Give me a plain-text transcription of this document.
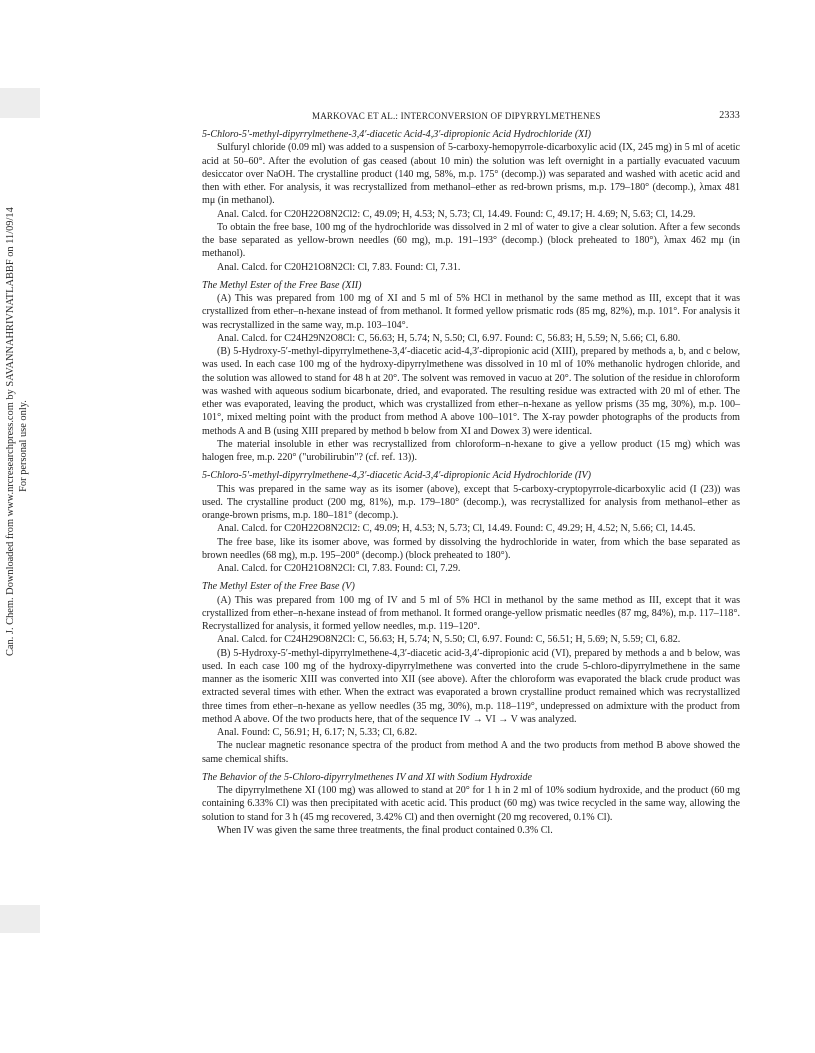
Can. J. Chem. Downloaded from www.nrcresearchpress.com by SAVANNAHRIVNATLABBF on 11/09/14 For personal use only.
MARKOVAC ET AL.: INTERCONVERSION OF DIPYRRYLMETHENES	2333
5-Chloro-5′-methyl-dipyrrylmethene-3,4′-diacetic Acid-4,3′-dipropionic Acid Hydrochloride (XI)

Sulfuryl chloride (0.09 ml) was added to a suspension of 5-carboxy-hemopyrrole-dicarboxylic acid (IX, 245 mg) in 5 ml of acetic acid at 50–60°. After the evolution of gas ceased (about 10 min) the solution was left overnight in a partially evacuated vacuum desiccator over NaOH. The crystalline product (140 mg, 58%, m.p. 175° (decomp.)) was separated and washed with acetic acid and then with ether. For analysis, it was recrystallized from methanol–ether as red-brown prisms, m.p. 179–180° (decomp.), λmax 481 mμ (in methanol).

Anal. Calcd. for C20H22O8N2Cl2: C, 49.09; H, 4.53; N, 5.73; Cl, 14.49. Found: C, 49.17; H. 4.69; N, 5.63; Cl, 14.29.

To obtain the free base, 100 mg of the hydrochloride was dissolved in 2 ml of water to give a clear solution. After a few seconds the base separated as yellow-brown needles (60 mg), m.p. 191–193° (decomp.) (block preheated to 180°), λmax 462 mμ (in methanol).

Anal. Calcd. for C20H21O8N2Cl: Cl, 7.83. Found: Cl, 7.31.

The Methyl Ester of the Free Base (XII)

(A) This was prepared from 100 mg of XI and 5 ml of 5% HCl in methanol by the same method as III, except that it was crystallized from ether–n-hexane instead of from methanol. It formed yellow prismatic rods (85 mg, 82%), m.p. 101°. For analysis it was recrystallized in the same way, m.p. 103–104°.

Anal. Calcd. for C24H29N2O8Cl: C, 56.63; H, 5.74; N, 5.50; Cl, 6.97. Found: C, 56.83; H, 5.59; N, 5.66; Cl, 6.80.

(B) 5-Hydroxy-5′-methyl-dipyrrylmethene-3,4′-diacetic acid-4,3′-dipropionic acid (XIII), prepared by methods a, b, and c below, was used. In each case 100 mg of the hydroxy-dipyrrylmethene was dissolved in 10 ml of 10% methanolic hydrogen chloride, and the solution was allowed to stand for 48 h at 20°. The solvent was removed in vacuo at 20°. The solution of the residue in chloroform was washed with aqueous sodium bicarbonate, dried, and evaporated. The resulting residue was extracted with 20 ml of ether. The ether was evaporated, leaving the product, which was crystallized from ether–n-hexane as yellow prisms (35 mg, 30%), m.p. 100–101°, mixed melting point with the product from method A above 100–101°. The X-ray powder photographs of the products from methods A and B (using XIII prepared by method b below from XI and Dowex 3) were identical.

The material insoluble in ether was recrystallized from chloroform–n-hexane to give a yellow product (15 mg) which was halogen free, m.p. 220° ("urobilirubin"? (cf. ref. 13)).

5-Chloro-5′-methyl-dipyrrylmethene-4,3′-diacetic Acid-3,4′-dipropionic Acid Hydrochloride (IV)

This was prepared in the same way as its isomer (above), except that 5-carboxy-cryptopyrrole-dicarboxylic acid (I (23)) was used. The crystalline product (200 mg, 81%), m.p. 179–180° (decomp.), was recrystallized for analysis from methanol–ether as orange-brown prisms, m.p. 180–181° (decomp.).

Anal. Calcd. for C20H22O8N2Cl2: C, 49.09; H, 4.53; N, 5.73; Cl, 14.49. Found: C, 49.29; H, 4.52; N, 5.66; Cl, 14.45.

The free base, like its isomer above, was formed by dissolving the hydrochloride in water, from which the base separated as brown needles (68 mg), m.p. 195–200° (decomp.) (block preheated to 180°).

Anal. Calcd. for C20H21O8N2Cl: Cl, 7.83. Found: Cl, 7.29.

The Methyl Ester of the Free Base (V)

(A) This was prepared from 100 mg of IV and 5 ml of 5% HCl in methanol by the same method as III, except that it was crystallized from ether–n-hexane instead of from methanol. It formed orange-yellow prismatic needles (87 mg, 84%), m.p. 117–118°. Recrystallized for analysis, it formed yellow needles, m.p. 119–120°.

Anal. Calcd. for C24H29O8N2Cl: C, 56.63; H, 5.74; N, 5.50; Cl, 6.97. Found: C, 56.51; H, 5.69; N, 5.59; Cl, 6.82.

(B) 5-Hydroxy-5′-methyl-dipyrrylmethene-4,3′-diacetic acid-3,4′-dipropionic acid (VI), prepared by methods a and b below, was used. In each case 100 mg of the hydroxy-dipyrrylmethene was converted into the crude 5-chloro-dipyrrylmethene in the same manner as the isomeric XIII was converted into XII (see above). After the chloroform was evaporated the black crude product was extracted several times with ether. When the extract was evaporated a brown crystalline product remained which was recrystallized three times from ether–n-hexane as yellow needles (35 mg, 30%), m.p. 118–119°, undepressed on admixture with the product from method A above. Of the two products here, that of the sequence IV → VI → V was analyzed.

Anal. Found: C, 56.91; H, 6.17; N, 5.33; Cl, 6.82.

The nuclear magnetic resonance spectra of the product from method A and the two products from method B above showed the same chemical shifts.

The Behavior of the 5-Chloro-dipyrrylmethenes IV and XI with Sodium Hydroxide

The dipyrrylmethene XI (100 mg) was allowed to stand at 20° for 1 h in 2 ml of 10% sodium hydroxide, and the product (60 mg containing 6.33% Cl) was then precipitated with acetic acid. This product (60 mg) was twice recycled in the same way, allowing the solution to stand for 3 h (45 mg recovered, 3.42% Cl) and then overnight (20 mg recovered, 0.1% Cl).

When IV was given the same three treatments, the final product contained 0.3% Cl.
